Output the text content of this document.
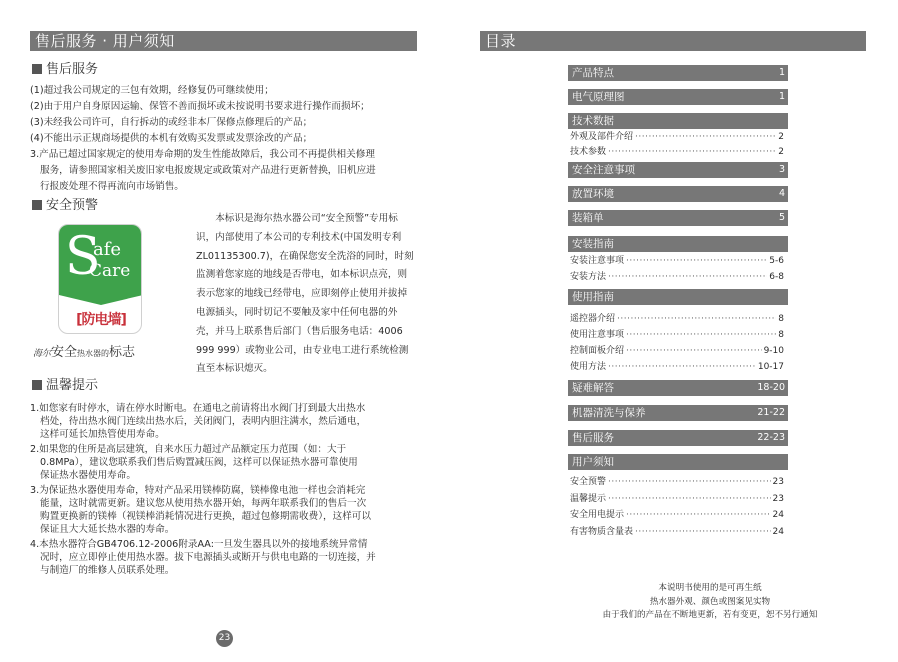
售后服务 · 用户须知
售后服务

(1)超过我公司规定的三包有效期，经修复仍可继续使用；

(2)由于用户自身原因运输、保管不善而损坏或未按说明书要求进行操作而损坏；

(3)未经我公司许可，自行拆动的或经非本厂保修点修理后的产品；

(4)不能出示正规商场提供的本机有效购买发票或发票涂改的产品；

3.产品已超过国家规定的使用寿命期的发生性能故障后，我公司不再提供相关修理

服务，请参照国家相关废旧家电报废规定或政策对产品进行更新替换，旧机应进

行报废处理不得再流向市场销售。

安全预警
S
afe
Care
[防电墙]
海尔安全热水器的标志

本标识是海尔热水器公司“安全预警”专用标识，内部使用了本公司的专利技术(中国发明专利ZL01135300.7)，在确保您安全洗浴的同时，时刻监测着您家庭的地线是否带电，如本标识点亮，则表示您家的地线已经带电，应即刻停止使用并拔掉电源插头，同时切记不要触及家中任何电器的外壳，并马上联系售后部门（售后服务电话：4006 999 999）或物业公司，由专业电工进行系统检测直至本标识熄灭。

温馨提示

1.如您家有时停水，请在停水时断电。在通电之前请将出水阀门打到最大出热水

档处，待出热水阀门连续出热水后，关闭阀门，表明内胆注满水，然后通电，

这样可延长加热管使用寿命。

2.如果您的住所是高层建筑，自来水压力超过产品额定压力范围（如：大于

0.8MPa），建议您联系我们售后购置减压阀，这样可以保证热水器可靠使用

保证热水器使用寿命。

3.为保证热水器使用寿命，特对产品采用镁棒防腐，镁棒像电池一样也会消耗完

能量，这时就需更新。建议您从使用热水器开始，每两年联系我们的售后一次

购置更换新的镁棒（视镁棒消耗情况进行更换，超过包修期需收费），这样可以

保证且大大延长热水器的寿命。

4.本热水器符合GB4706.12-2006附录AA:一旦发生器具以外的接地系统异常情

况时，应立即停止使用热水器。拔下电源插头或断开与供电电路的一切连接，并

与制造厂的维修人员联系处理。

23
目录
产品特点	1
电气原理图	1
技术数据
外观及部件介绍 ·····	2
技术参数 ·····	2
安全注意事项	3
放置环境	4
装箱单	5
安装指南
安装注意事项 ·····	5-6
安装方法 ·····	6-8
使用指南
遥控器介绍 ·····	8
使用注意事项 ·····	8
控制面板介绍 ·····	9-10
使用方法 ·····	10-17
疑难解答	18-20
机器清洗与保养	21-22
售后服务	22-23
用户须知
安全预警 ·····	23
温馨提示 ·····	23
安全用电提示 ·····	24
有害物质含量表 ·····	24

本说明书使用的是可再生纸

热水器外观、颜色或图案见实物

由于我们的产品在不断地更新，若有变更，恕不另行通知
